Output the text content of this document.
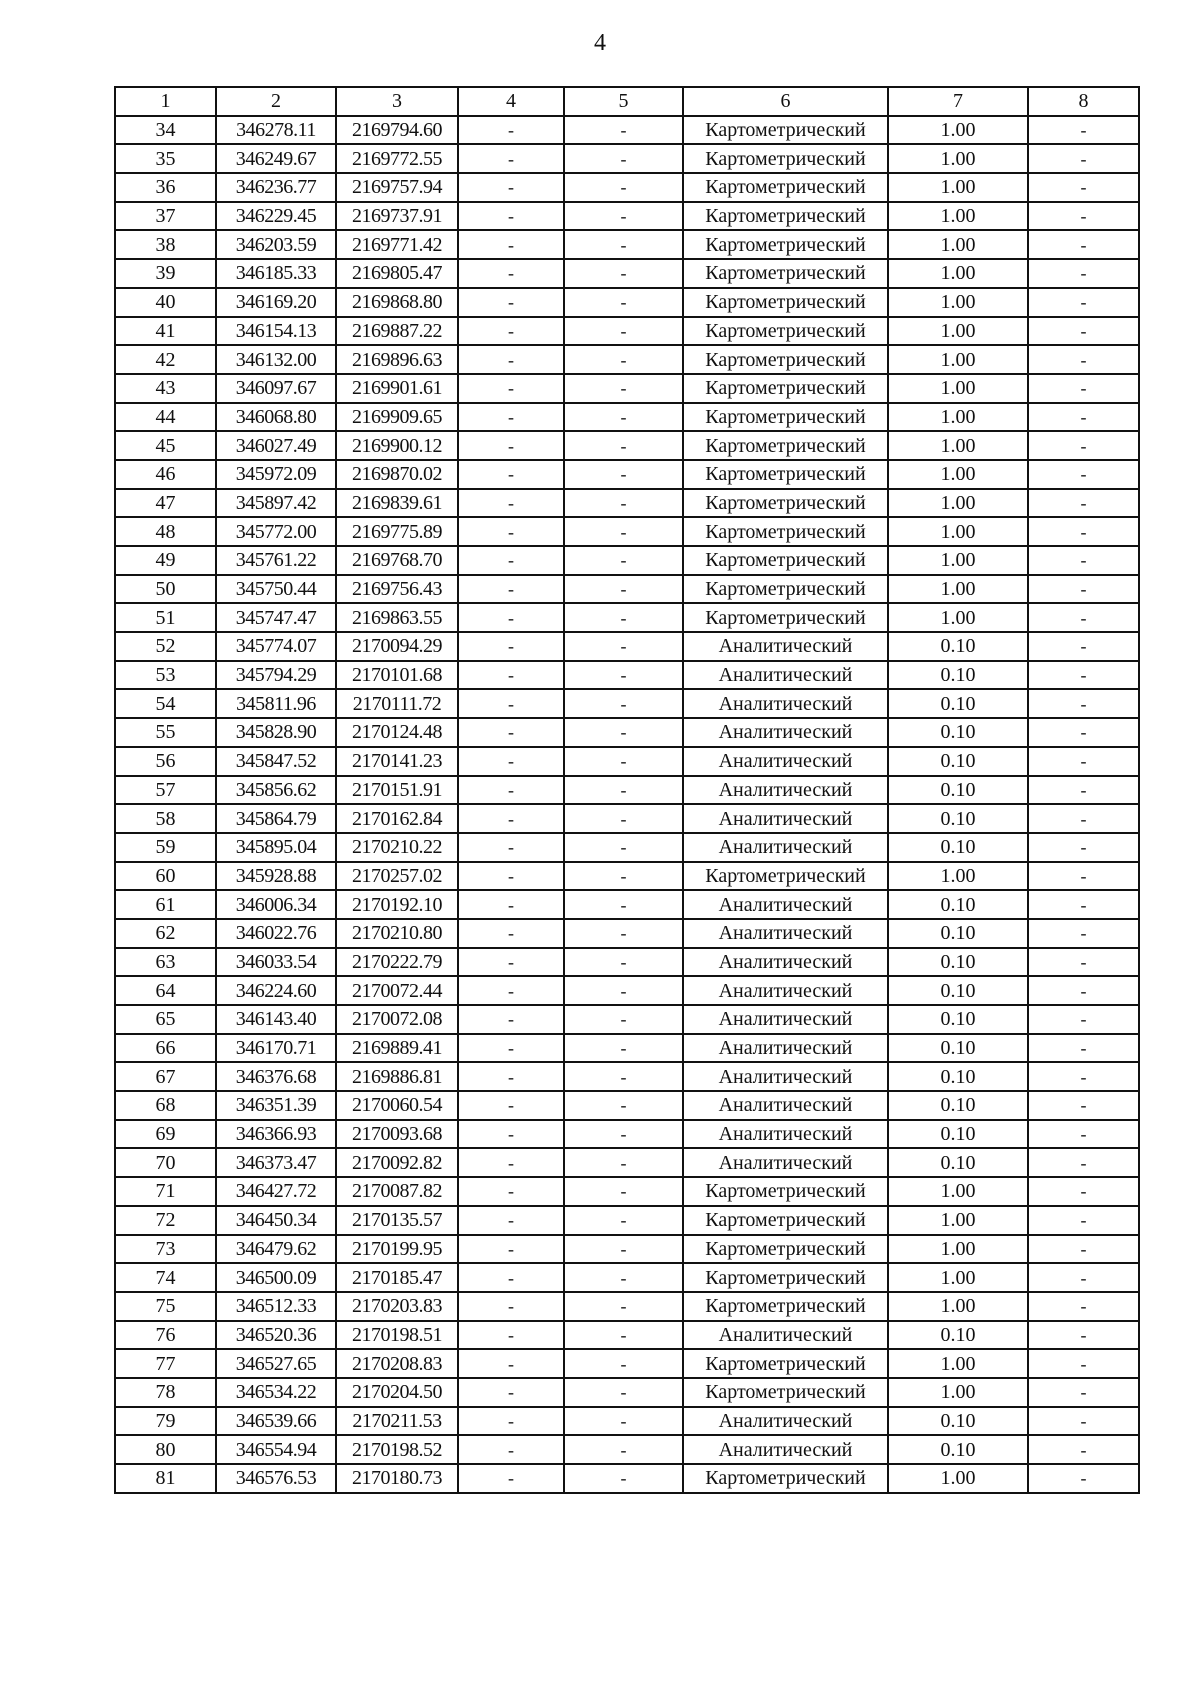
4
1	2	3	4	5	6	7	8
34	346278.11	2169794.60	-	-	Картометрический	1.00	-
35	346249.67	2169772.55	-	-	Картометрический	1.00	-
36	346236.77	2169757.94	-	-	Картометрический	1.00	-
37	346229.45	2169737.91	-	-	Картометрический	1.00	-
38	346203.59	2169771.42	-	-	Картометрический	1.00	-
39	346185.33	2169805.47	-	-	Картометрический	1.00	-
40	346169.20	2169868.80	-	-	Картометрический	1.00	-
41	346154.13	2169887.22	-	-	Картометрический	1.00	-
42	346132.00	2169896.63	-	-	Картометрический	1.00	-
43	346097.67	2169901.61	-	-	Картометрический	1.00	-
44	346068.80	2169909.65	-	-	Картометрический	1.00	-
45	346027.49	2169900.12	-	-	Картометрический	1.00	-
46	345972.09	2169870.02	-	-	Картометрический	1.00	-
47	345897.42	2169839.61	-	-	Картометрический	1.00	-
48	345772.00	2169775.89	-	-	Картометрический	1.00	-
49	345761.22	2169768.70	-	-	Картометрический	1.00	-
50	345750.44	2169756.43	-	-	Картометрический	1.00	-
51	345747.47	2169863.55	-	-	Картометрический	1.00	-
52	345774.07	2170094.29	-	-	Аналитический	0.10	-
53	345794.29	2170101.68	-	-	Аналитический	0.10	-
54	345811.96	2170111.72	-	-	Аналитический	0.10	-
55	345828.90	2170124.48	-	-	Аналитический	0.10	-
56	345847.52	2170141.23	-	-	Аналитический	0.10	-
57	345856.62	2170151.91	-	-	Аналитический	0.10	-
58	345864.79	2170162.84	-	-	Аналитический	0.10	-
59	345895.04	2170210.22	-	-	Аналитический	0.10	-
60	345928.88	2170257.02	-	-	Картометрический	1.00	-
61	346006.34	2170192.10	-	-	Аналитический	0.10	-
62	346022.76	2170210.80	-	-	Аналитический	0.10	-
63	346033.54	2170222.79	-	-	Аналитический	0.10	-
64	346224.60	2170072.44	-	-	Аналитический	0.10	-
65	346143.40	2170072.08	-	-	Аналитический	0.10	-
66	346170.71	2169889.41	-	-	Аналитический	0.10	-
67	346376.68	2169886.81	-	-	Аналитический	0.10	-
68	346351.39	2170060.54	-	-	Аналитический	0.10	-
69	346366.93	2170093.68	-	-	Аналитический	0.10	-
70	346373.47	2170092.82	-	-	Аналитический	0.10	-
71	346427.72	2170087.82	-	-	Картометрический	1.00	-
72	346450.34	2170135.57	-	-	Картометрический	1.00	-
73	346479.62	2170199.95	-	-	Картометрический	1.00	-
74	346500.09	2170185.47	-	-	Картометрический	1.00	-
75	346512.33	2170203.83	-	-	Картометрический	1.00	-
76	346520.36	2170198.51	-	-	Аналитический	0.10	-
77	346527.65	2170208.83	-	-	Картометрический	1.00	-
78	346534.22	2170204.50	-	-	Картометрический	1.00	-
79	346539.66	2170211.53	-	-	Аналитический	0.10	-
80	346554.94	2170198.52	-	-	Аналитический	0.10	-
81	346576.53	2170180.73	-	-	Картометрический	1.00	-
